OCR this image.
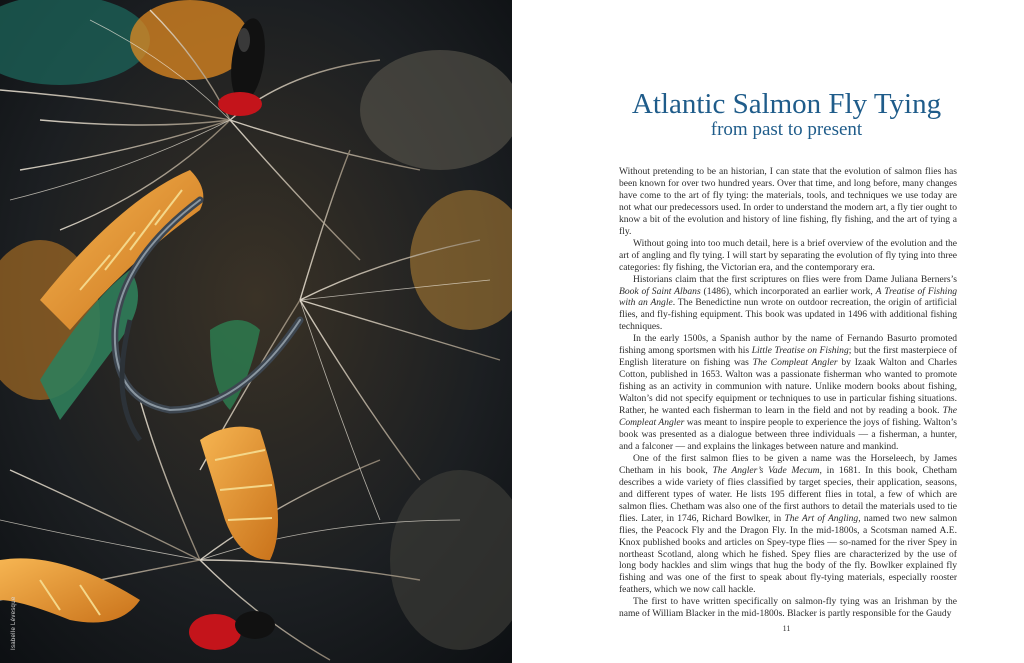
Isabelle Lévesque
Atlantic Salmon Fly Tying
from past to present

Without pretending to be an historian, I can state that the evolution of salmon flies has been known for over two hundred years. Over that time, and long before, many changes have come to the art of fly tying: the materials, tools, and techniques we use today are not what our predecessors used. In order to understand the modern art, a fly tier ought to know a bit of the evolution and history of line fishing, fly fishing, and the art of tying a fly.

Without going into too much detail, here is a brief overview of the evolution and the art of angling and fly tying. I will start by separating the evolution of fly tying into three categories: fly fishing, the Victorian era, and the contemporary era.

Historians claim that the first scriptures on flies were from Dame Juliana Berners’s Book of Saint Albans (1486), which incorporated an earlier work, A Treatise of Fishing with an Angle. The Benedictine nun wrote on outdoor recreation, the origin of artificial flies, and fly-fishing equipment. This book was updated in 1496 with additional fishing techniques.

In the early 1500s, a Spanish author by the name of Fernando Basurto promoted fishing among sportsmen with his Little Treatise on Fishing; but the first masterpiece of English literature on fishing was The Compleat Angler by Izaak Walton and Charles Cotton, published in 1653. Walton was a passionate fisherman who wanted to promote fishing as an activity in communion with nature. Unlike modern books about fishing, Walton’s did not specify equipment or techniques to use in particular fishing situations. Rather, he wanted each fisherman to learn in the field and not by reading a book. The Compleat Angler was meant to inspire people to experience the joys of fishing. Walton’s book was presented as a dialogue between three individuals — a fisherman, a hunter, and a falconer — and explains the linkages between nature and mankind.

One of the first salmon flies to be given a name was the Horseleech, by James Chetham in his book, The Angler’s Vade Mecum, in 1681. In this book, Chetham describes a wide variety of flies classified by target species, their application, seasons, and different types of water. He lists 195 different flies in total, a few of which are salmon flies. Chetham was also one of the first authors to detail the materials used to tie flies. Later, in 1746, Richard Bowlker, in The Art of Angling, named two new salmon flies, the Peacock Fly and the Dragon Fly. In the mid-1800s, a Scotsman named A.E. Knox published books and articles on Spey-type flies — so-named for the river Spey in northeast Scotland, along which he fished. Spey flies are characterized by the use of long body hackles and slim wings that hug the body of the fly. Bowlker explained fly fishing and was one of the first to speak about fly-tying materials, especially rooster feathers, which we now call hackle.

The first to have written specifically on salmon-fly tying was an Irishman by the name of William Blacker in the mid-1800s. Blacker is partly responsible for the Gaudy

11
